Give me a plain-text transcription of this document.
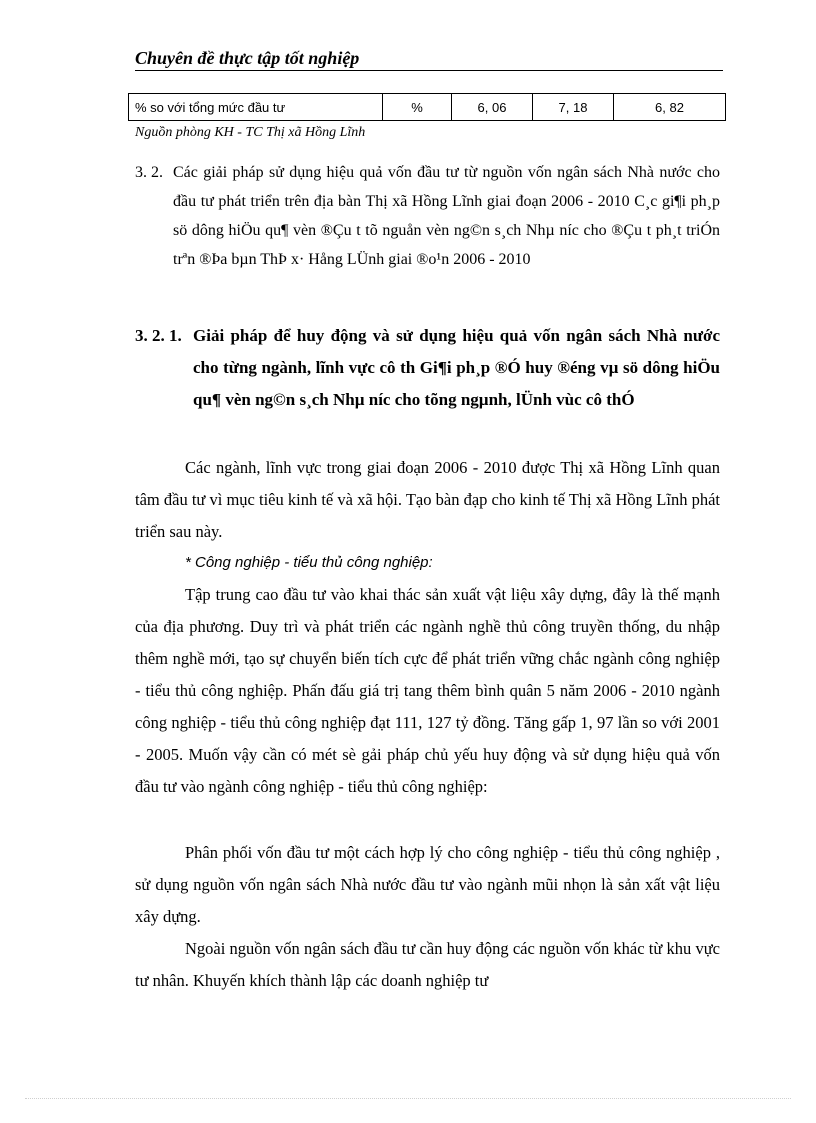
Chuyên đề thực tập tốt nghiệp
% so với tổng mức đầu tư	%	6, 06	7, 18	6, 82
Nguồn phòng KH - TC Thị xã Hồng Lĩnh
3. 2. Các giải pháp sử dụng hiệu quả vốn đầu tư từ nguồn vốn ngân sách Nhà nước cho đầu tư phát triển trên địa bàn Thị xã Hồng Lĩnh giai đoạn 2006 - 2010 C¸c gi¶i ph¸p sö dông hiÖu qu¶ vèn ®Çu t tõ nguån vèn ng©n s¸ch Nhµ níc cho ®Çu t ph¸t triÓn trªn ®Þa bµn ThÞ x· Hång LÜnh giai ®o¹n 2006 - 2010
3. 2. 1. Giải pháp để huy động và sử dụng hiệu quả vốn ngân sách Nhà nước cho từng ngành, lĩnh vực cô th Gi¶i ph¸p ®Ó huy ®éng vµ sö dông hiÖu qu¶ vèn ng©n s¸ch Nhµ níc cho tõng ngµnh, lÜnh vùc cô thÓ
Các ngành, lĩnh vực trong giai đoạn 2006 - 2010 được Thị xã Hồng Lĩnh quan tâm đầu tư vì mục tiêu kinh tế và xã hội. Tạo bàn đạp cho kinh tế Thị xã Hồng Lĩnh phát triển sau này.
* Công nghiệp - tiểu thủ công nghiệp:
Tập trung cao đầu tư vào khai thác sản xuất vật liệu xây dựng, đây là thế mạnh của địa phương. Duy trì và phát triển các ngành nghề thủ công truyền thống, du nhập thêm nghề mới, tạo sự chuyển biến tích cực để phát triển vững chắc ngành công nghiệp - tiểu thủ công nghiệp. Phấn đấu giá trị tang thêm bình quân 5 năm 2006 - 2010 ngành công nghiệp - tiểu thủ công nghiệp đạt 111, 127 tỷ đồng. Tăng gấp 1, 97 lần so với 2001 - 2005. Muốn vậy cần có mét sè gải pháp chủ yếu huy động và sử dụng hiệu quả vốn đầu tư vào ngành công nghiệp - tiểu thủ công nghiệp:
Phân phối vốn đầu tư một cách hợp lý cho công nghiệp - tiểu thủ công nghiệp , sử dụng nguồn vốn ngân sách Nhà nước đầu tư vào ngành mũi nhọn là sản xất vật liệu xây dựng.
Ngoài nguồn vốn ngân sách đầu tư cần huy động các nguồn vốn khác từ khu vực tư nhân. Khuyến khích thành lập các doanh nghiệp tư
